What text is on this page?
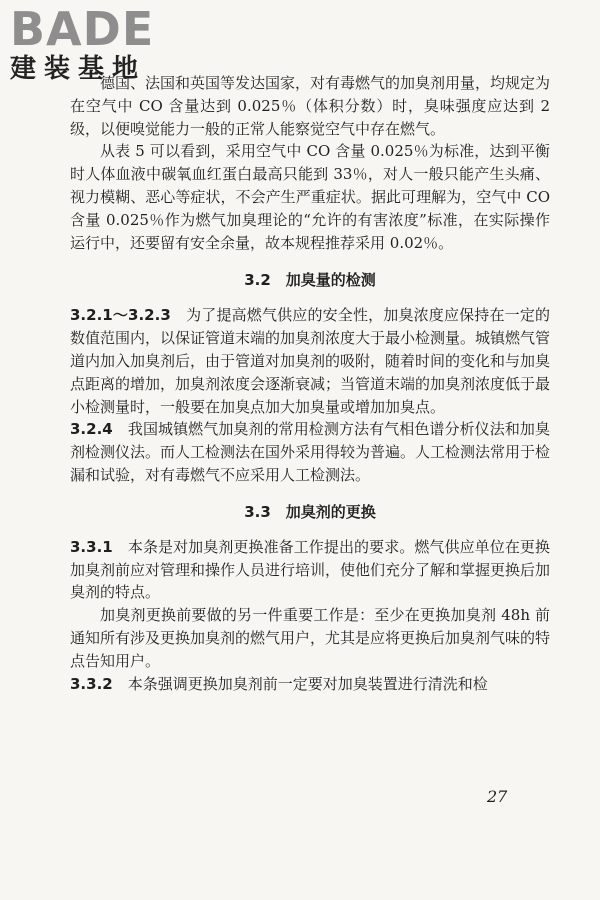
BADE
建装基地

德国、法国和英国等发达国家，对有毒燃气的加臭剂用量，均规定为在空气中 CO 含量达到 0.025％（体积分数）时，臭味强度应达到 2 级，以便嗅觉能力一般的正常人能察觉空气中存在燃气。

从表 5 可以看到，采用空气中 CO 含量 0.025％为标准，达到平衡时人体血液中碳氧血红蛋白最高只能到 33％，对人一般只能产生头痛、视力模糊、恶心等症状，不会产生严重症状。据此可理解为，空气中 CO 含量 0.025％作为燃气加臭理论的“允许的有害浓度”标准，在实际操作运行中，还要留有安全余量，故本规程推荐采用 0.02％。

3.2　加臭量的检测

3.2.1～3.2.3　 为了提高燃气供应的安全性，加臭浓度应保持在一定的数值范围内，以保证管道末端的加臭剂浓度大于最小检测量。城镇燃气管道内加入加臭剂后，由于管道对加臭剂的吸附，随着时间的变化和与加臭点距离的增加，加臭剂浓度会逐渐衰减；当管道末端的加臭剂浓度低于最小检测量时，一般要在加臭点加大加臭量或增加加臭点。

3.2.4　 我国城镇燃气加臭剂的常用检测方法有气相色谱分析仪法和加臭剂检测仪法。而人工检测法在国外采用得较为普遍。人工检测法常用于检漏和试验，对有毒燃气不应采用人工检测法。

3.3　加臭剂的更换

3.3.1　 本条是对加臭剂更换准备工作提出的要求。燃气供应单位在更换加臭剂前应对管理和操作人员进行培训，使他们充分了解和掌握更换后加臭剂的特点。

加臭剂更换前要做的另一件重要工作是：至少在更换加臭剂 48h 前通知所有涉及更换加臭剂的燃气用户，尤其是应将更换后加臭剂气味的特点告知用户。

3.3.2　 本条强调更换加臭剂前一定要对加臭装置进行清洗和检

27
